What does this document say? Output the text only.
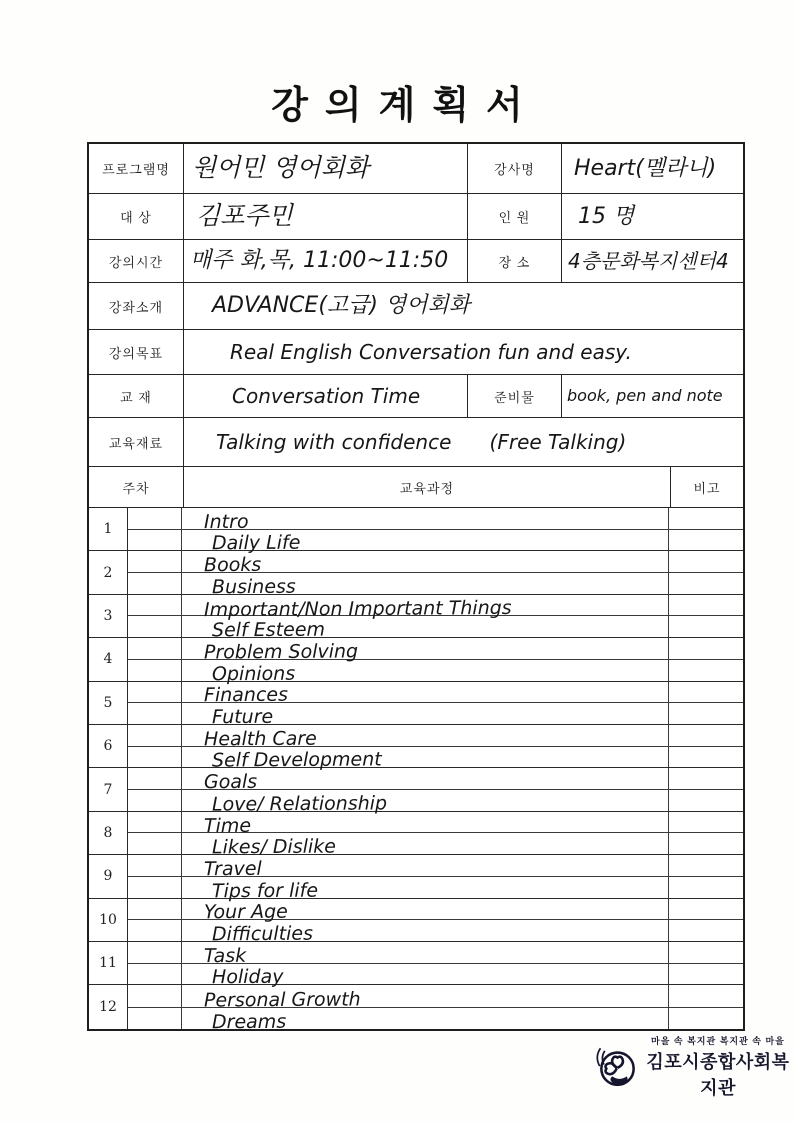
강의계획서
프로그램명 원어민 영어회화	강사명	Heart(멜라니)
대 상	김포주민	인 원	15 명
강의시간	매주 화,목, 11:00~11:50	장 소	4층문화복지센터4
강좌소개	ADVANCE(고급) 영어회화
강의목표	Real English Conversation fun and easy.
교 재	Conversation Time	준비물	book, pen and note
교육재료	Talking with confidence      (Free Talking)
주차	교육과정	비고
1	Intro
Daily Life
2	Books
Business
3	Important/Non Important Things
Self Esteem
4	Problem Solving
Opinions
5	Finances
Future
6	Health Care
Self Development
7	Goals
Love/ Relationship
8	Time
Likes/ Dislike
9	Travel
Tips for life
10	Your Age
Difficulties
11	Task
Holiday
12	Personal Growth
Dreams
마을 속 복지관 복지관 속 마을
김포시종합사회복지관
